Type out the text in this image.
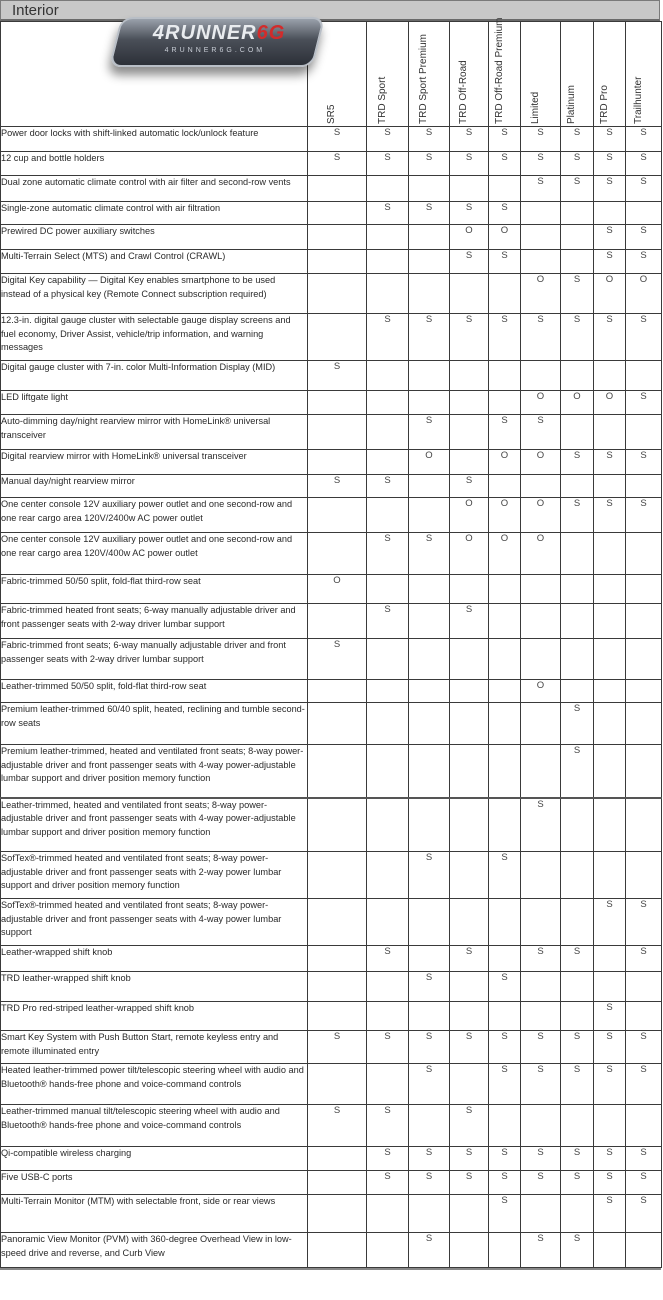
Interior

	SR5	TRD Sport	TRD Sport Premium	TRD Off-Road	TRD Off-Road Premium	Limited	Platinum	TRD Pro	Trailhunter

Power door locks with shift-linked automatic lock/unlock feature	S	S	S	S	S	S	S	S	S
12 cup and bottle holders	S	S	S	S	S	S	S	S	S
Dual zone automatic climate control with air filter and second-row vents						S	S	S	S
Single-zone automatic climate control with air filtration		S	S	S	S				
Prewired DC power auxiliary switches				O	O			S	S
Multi-Terrain Select (MTS) and Crawl Control (CRAWL)				S	S			S	S
Digital Key capability — Digital Key enables smartphone to be used instead of a physical key (Remote Connect subscription required)						O	S	O	O
12.3-in. digital gauge cluster with selectable gauge display screens and fuel economy, Driver Assist, vehicle/trip information, and warning messages		S	S	S	S	S	S	S	S
Digital gauge cluster with 7-in. color Multi-Information Display (MID)	S								
LED liftgate light						O	O	O	S
Auto-dimming day/night rearview mirror with HomeLink® universal transceiver			S		S	S			
Digital rearview mirror with HomeLink® universal transceiver			O		O	O	S	S	S
Manual day/night rearview mirror	S	S		S					
One center console 12V auxiliary power outlet and one second-row and one rear cargo area 120V/2400w AC power outlet				O	O	O	S	S	S
One center console 12V auxiliary power outlet and one second-row and one rear cargo area 120V/400w AC power outlet		S	S	O	O	O			
Fabric-trimmed 50/50 split, fold-flat third-row seat	O								
Fabric-trimmed heated front seats; 6-way manually adjustable driver and front passenger seats with 2-way driver lumbar support		S		S					
Fabric-trimmed front seats; 6-way manually adjustable driver and front passenger seats with 2-way driver lumbar support	S								
Leather-trimmed 50/50 split, fold-flat third-row seat						O			
Premium leather-trimmed 60/40 split, heated, reclining and tumble second-row seats							S		
Premium leather-trimmed, heated and ventilated front seats; 8-way power-adjustable driver and front passenger seats with 4-way power-adjustable lumbar support and driver position memory function							S		
Leather-trimmed, heated and ventilated front seats; 8-way power-adjustable driver and front passenger seats with 4-way power-adjustable lumbar support and driver position memory function						S			
SofTex®-trimmed heated and ventilated front seats; 8-way power-adjustable driver and front passenger seats with 2-way power lumbar support and driver position memory function			S		S				
SofTex®-trimmed heated and ventilated front seats; 8-way power-adjustable driver and front passenger seats with 4-way power lumbar support								S	S
Leather-wrapped shift knob		S		S		S	S		S
TRD leather-wrapped shift knob			S		S				
TRD Pro red-striped leather-wrapped shift knob								S	
Smart Key System with Push Button Start, remote keyless entry and remote illuminated entry	S	S	S	S	S	S	S	S	S
Heated leather-trimmed power tilt/telescopic steering wheel with audio and Bluetooth® hands-free phone and voice-command controls			S		S	S	S	S	S
Leather-trimmed manual tilt/telescopic steering wheel with audio and Bluetooth® hands-free phone and voice-command controls	S	S		S					
Qi-compatible wireless charging		S	S	S	S	S	S	S	S
Five USB-C ports		S	S	S	S	S	S	S	S
Multi-Terrain Monitor (MTM) with selectable front, side or rear views					S			S	S
Panoramic View Monitor (PVM) with 360-degree Overhead View in low-speed drive and reverse, and Curb View			S			S	S		
4RUNNER6G
4RUNNER6G.COM
